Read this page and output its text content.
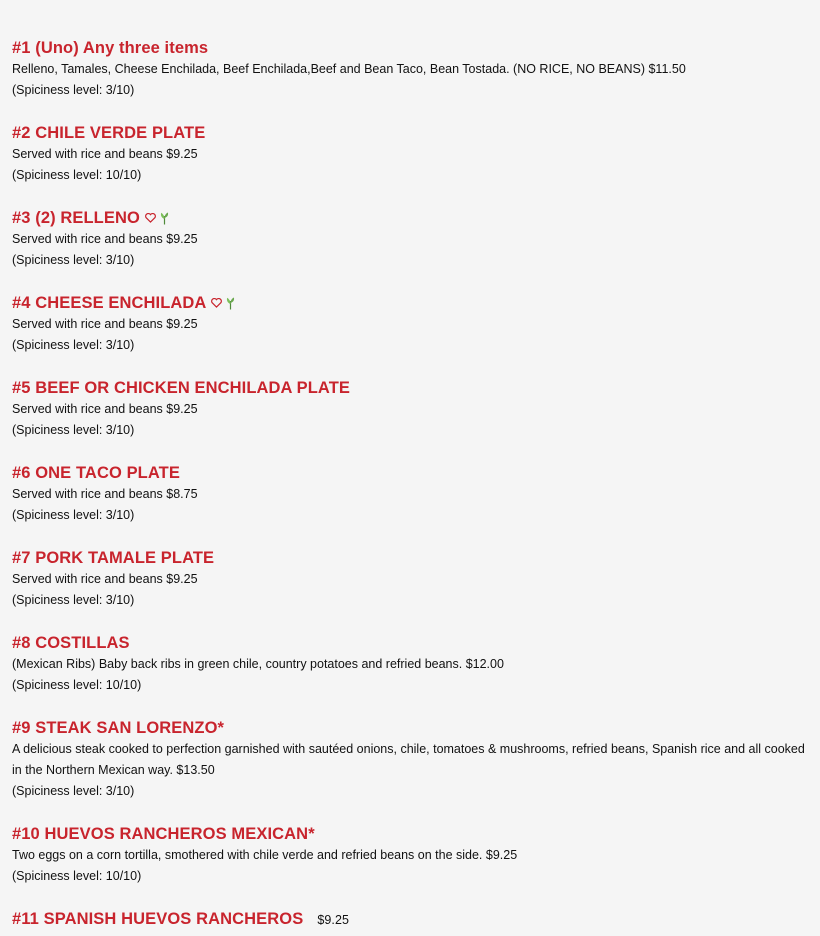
#1 (Uno) Any three items

Relleno, Tamales, Cheese Enchilada, Beef Enchilada,Beef and Bean Taco, Bean Tostada. (NO RICE, NO BEANS) $11.50

(Spiciness level: 3/10)

#2 CHILE VERDE PLATE

Served with rice and beans $9.25

(Spiciness level: 10/10)

#3 (2) RELLENO

Served with rice and beans $9.25

(Spiciness level: 3/10)

#4 CHEESE ENCHILADA

Served with rice and beans $9.25

(Spiciness level: 3/10)

#5 BEEF OR CHICKEN ENCHILADA PLATE

Served with rice and beans $9.25

(Spiciness level: 3/10)

#6 ONE TACO PLATE

Served with rice and beans $8.75

(Spiciness level: 3/10)

#7 PORK TAMALE PLATE

Served with rice and beans $9.25

(Spiciness level: 3/10)

#8 COSTILLAS

(Mexican Ribs) Baby back ribs in green chile, country potatoes and refried beans. $12.00

(Spiciness level: 10/10)

#9 STEAK SAN LORENZO*

A delicious steak cooked to perfection garnished with sautéed onions, chile, tomatoes & mushrooms, refried beans, Spanish rice and all cooked in the Northern Mexican way. $13.50

(Spiciness level: 3/10)

#10 HUEVOS RANCHEROS MEXICAN*

Two eggs on a corn tortilla, smothered with chile verde and refried beans on the side. $9.25

(Spiciness level: 10/10)

#11 SPANISH HUEVOS RANCHEROS $9.25
